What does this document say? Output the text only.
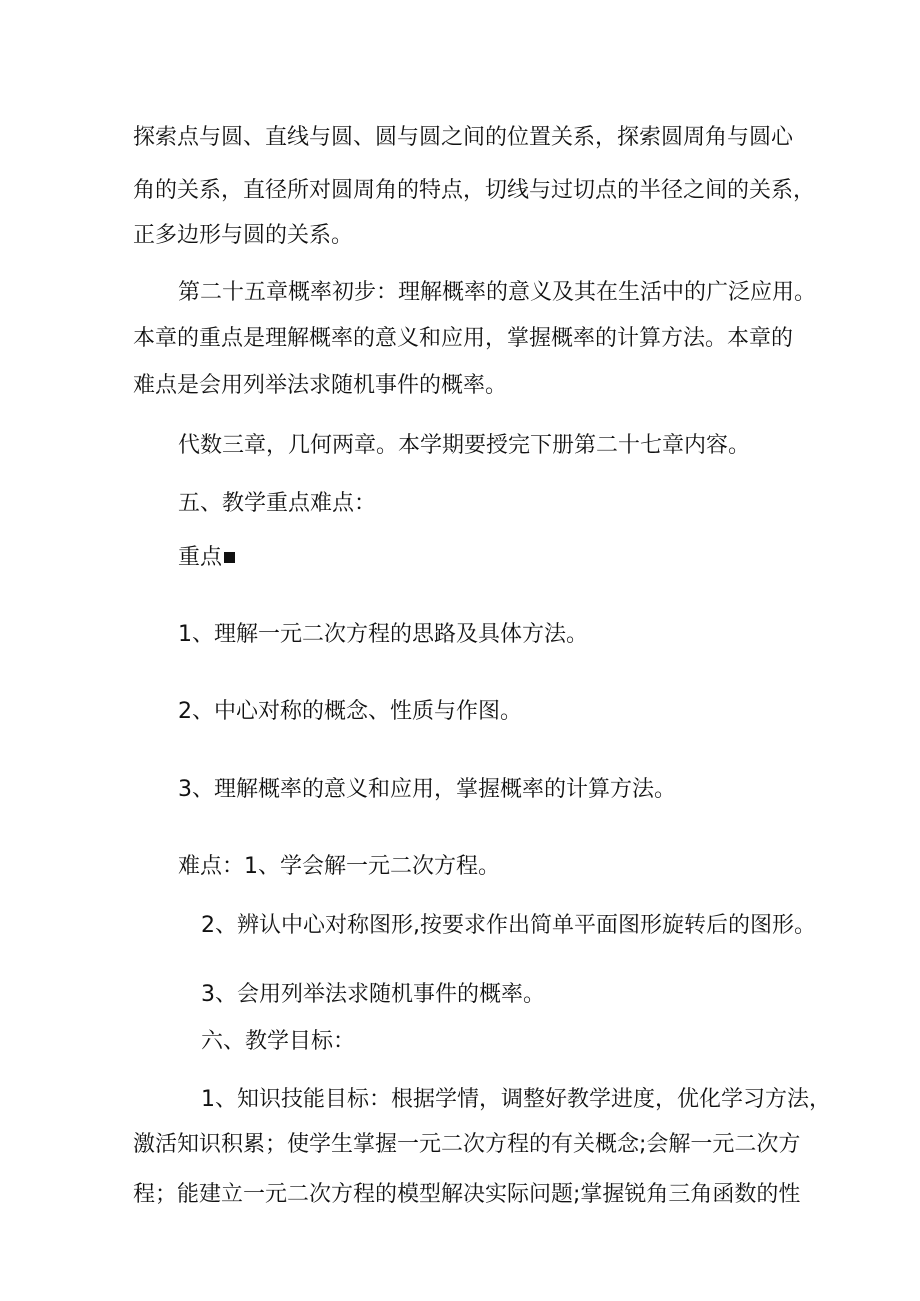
探索点与圆、直线与圆、圆与圆之间的位置关系，探索圆周角与圆心

角的关系，直径所对圆周角的特点，切线与过切点的半径之间的关系，

正多边形与圆的关系。

第二十五章概率初步：理解概率的意义及其在生活中的广泛应用。

本章的重点是理解概率的意义和应用，掌握概率的计算方法。本章的

难点是会用列举法求随机事件的概率。

代数三章，几何两章。本学期要授完下册第二十七章内容。

五、教学重点难点：

重点

1、理解一元二次方程的思路及具体方法。

2、中心对称的概念、性质与作图。

3、理解概率的意义和应用，掌握概率的计算方法。

难点：1、学会解一元二次方程。

2、辨认中心对称图形,按要求作出简单平面图形旋转后的图形。

3、会用列举法求随机事件的概率。

六、教学目标：

1、知识技能目标：根据学情，调整好教学进度，优化学习方法，

激活知识积累；使学生掌握一元二次方程的有关概念;会解一元二次方

程；能建立一元二次方程的模型解决实际问题;掌握锐角三角函数的性
